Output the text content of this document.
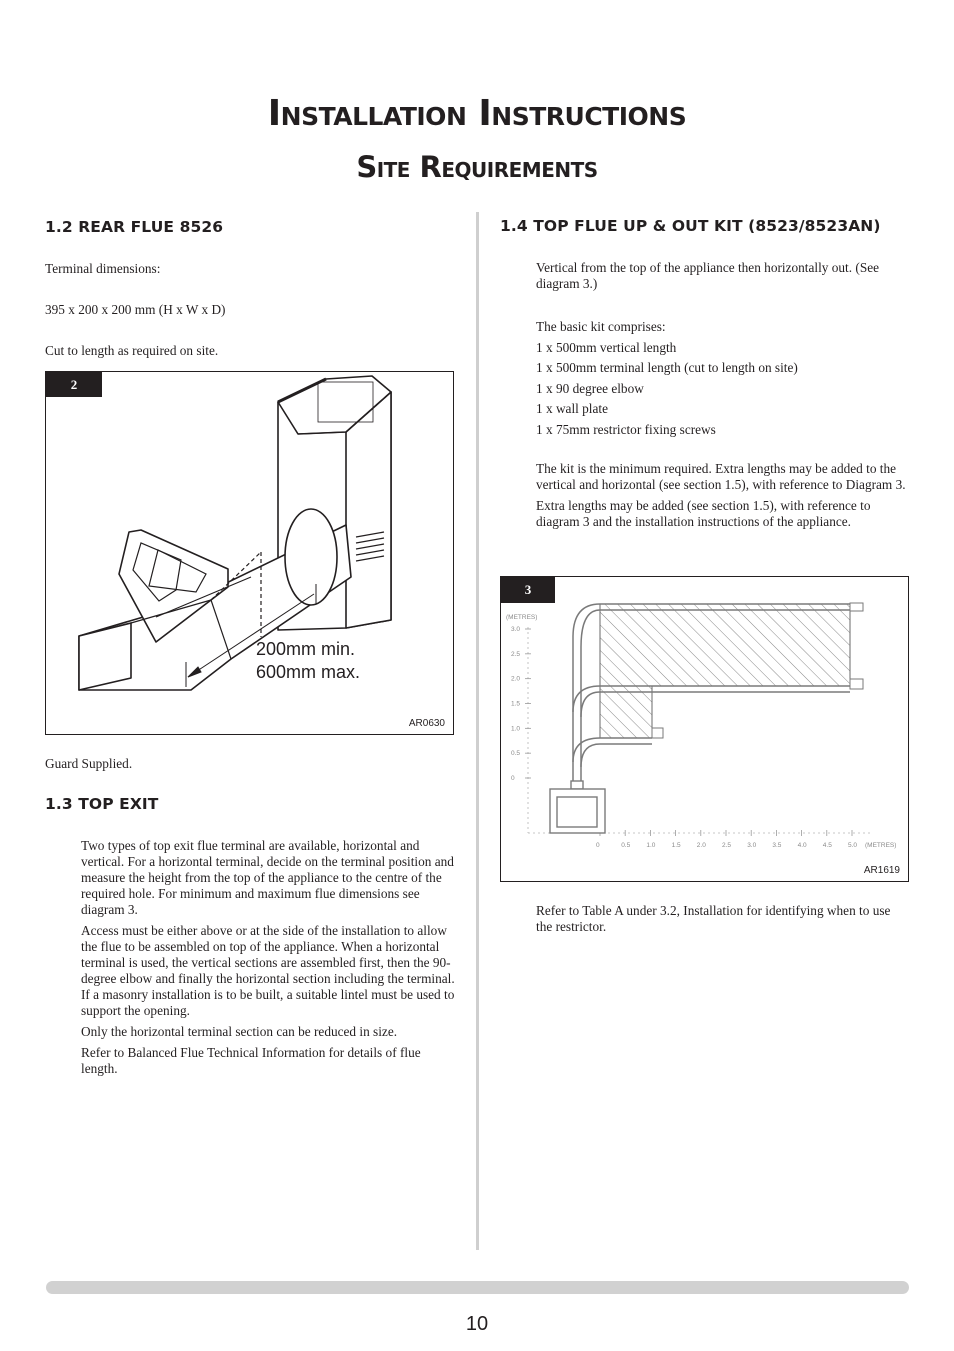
Installation Instructions
Site Requirements
1.2 REAR FLUE 8526

Terminal dimensions:

395 x 200 x 200 mm (H x W x D)

Cut to length as required on site.

2
200mm min.
600mm max.
AR0630

Guard Supplied.

1.3 TOP EXIT

Two types of top exit flue terminal are available, horizontal and vertical. For a horizontal terminal, decide on the terminal position and measure the height from the top of the appliance to the centre of the required hole. For minimum and maximum flue dimensions see diagram 3.

Access must be either above or at the side of the installation to allow the flue to be assembled on top of the appliance. When a horizontal terminal is used, the vertical sections are assembled first, then the 90-degree elbow and finally the horizontal section including the terminal. If a masonry installation is to be built, a suitable lintel must be used to support the opening.

Only the horizontal terminal section can be reduced in size.

Refer to Balanced Flue Technical Information for details of flue length.

1.4 TOP FLUE UP & OUT KIT (8523/8523AN)

Vertical from the top of the appliance then horizontally out. (See diagram 3.)

The basic kit comprises:
1 x 500mm vertical length
1 x 500mm terminal length (cut to length on site)
1 x 90 degree elbow
1 x wall plate
1 x 75mm restrictor fixing screws

The kit is the minimum required. Extra lengths may be added to the vertical and horizontal (see section 1.5), with reference to Diagram 3.

Extra lengths may be added (see section 1.5), with reference to diagram 3 and the installation instructions of the appliance.

3
3.0
2.5
2.0
1.5
1.0
0.5
0
0	0.5 1.0 1.5 2.0 2.5 3.0 3.5 4.0 4.5 5.0
(METRES)
(METRES)
AR1619

Refer to Table A under 3.2, Installation for identifying when to use the restrictor.

10
